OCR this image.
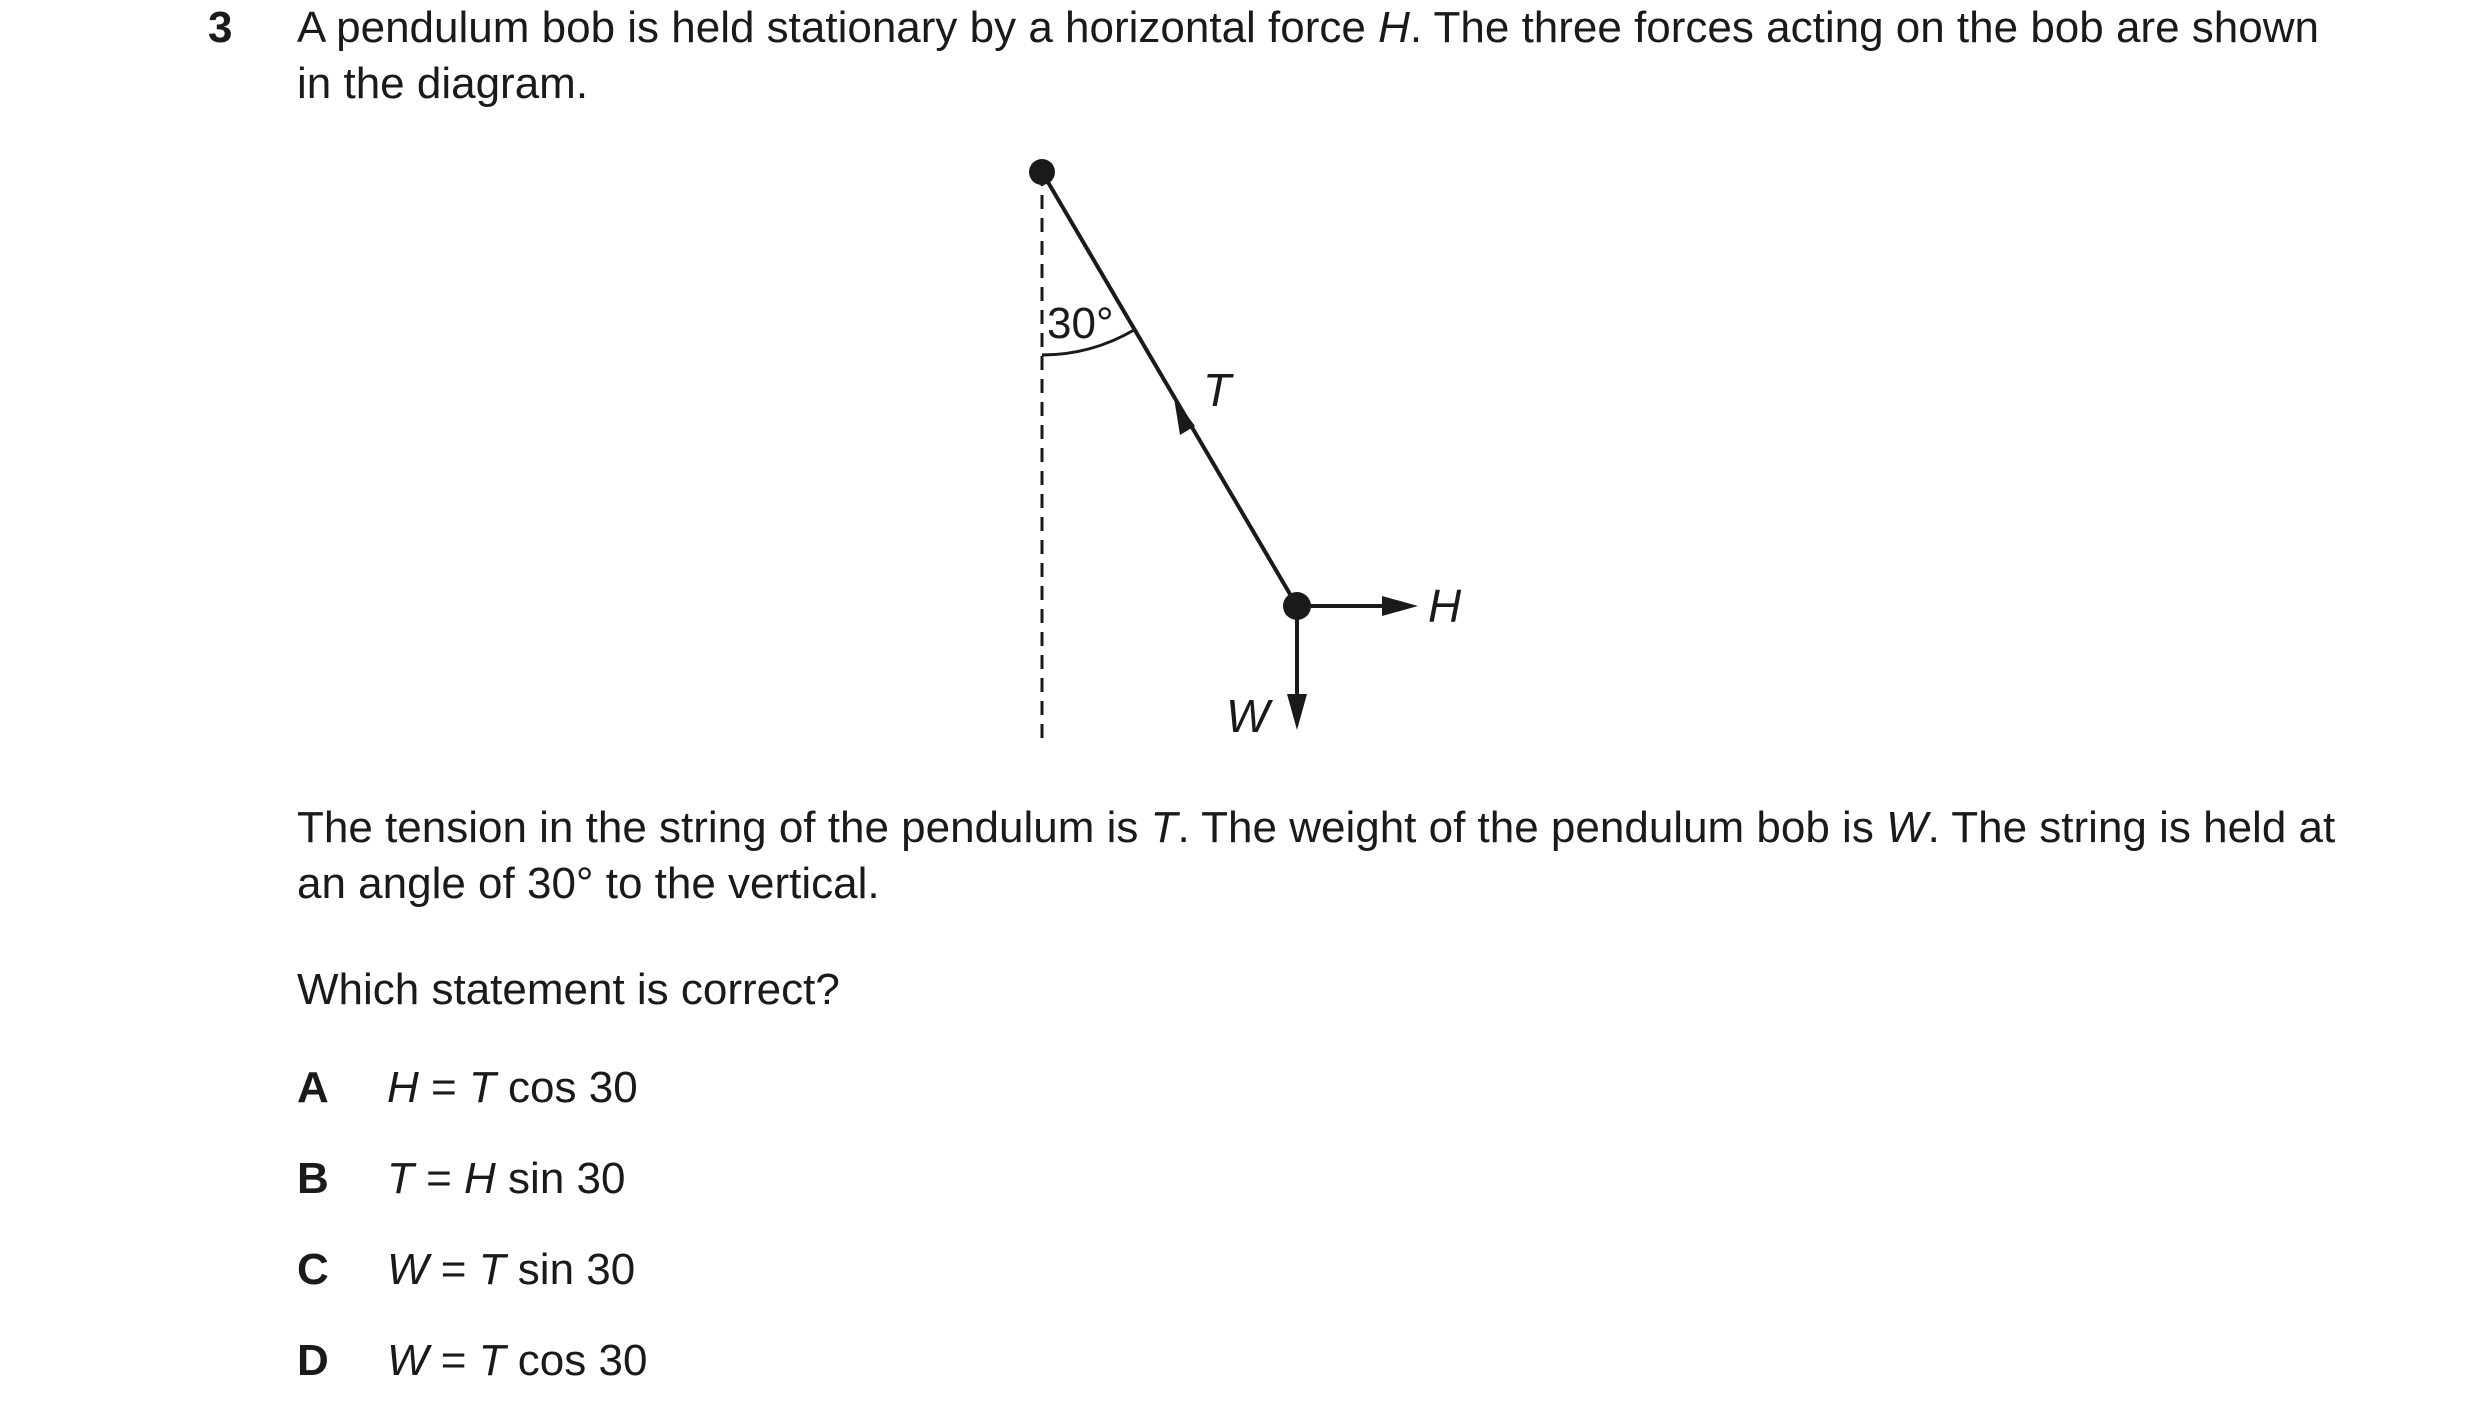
3 A pendulum bob is held stationary by a horizontal force H. The three forces acting on the bob are shown in the diagram.
30°
T
H
W
The tension in the string of the pendulum is T. The weight of the pendulum bob is W. The string is held at an angle of 30° to the vertical.
Which statement is correct?
A H = T cos 30
B T = H sin 30
C W = T sin 30
D W = T cos 30
